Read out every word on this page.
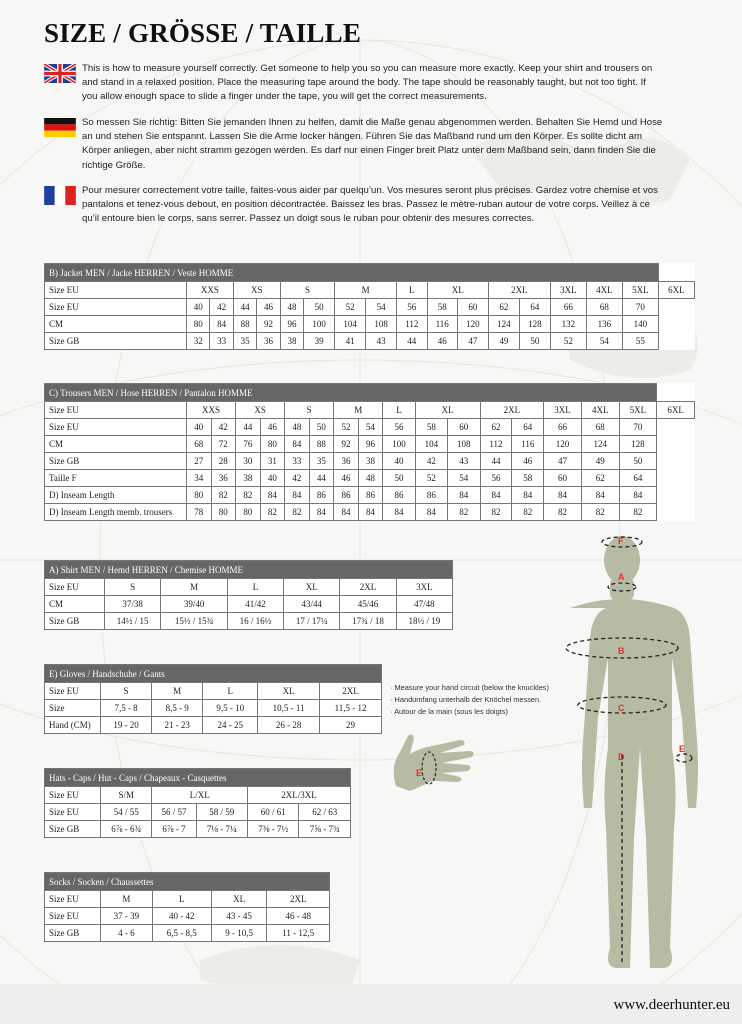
SIZE / GRÖSSE / TAILLE

This is how to measure yourself correctly. Get someone to help you so you can measure more exactly. Keep your shirt and trousers on and stand in a relaxed position. Place the measuring tape around the body. The tape should be reasonably taught, but not too tight. If you allow enough space to slide a finger under the tape, you will get the correct measurements.

So messen Sie richtig: Bitten Sie jemanden Ihnen zu helfen, damit die Maße genau abgenommen werden. Behalten Sie Hemd und Hose an und stehen Sie entspannt. Lassen Sie die Arme locker hängen. Führen Sie das Maßband rund um den Körper. Es sollte dicht am Körper anliegen, aber nicht stramm gezogen werden. Es darf nur einen Finger breit Platz unter dem Maßband sein, dann finden Sie die richtige Größe.

Pour mesurer correctement votre taille, faites-vous aider par quelqu’un. Vos mesures seront plus précises. Gardez votre chemise et vos pantalons et tenez-vous debout, en position décontractée. Baissez les bras. Passez le mètre-ruban autour de votre corps. Veillez à ce qu’il entoure bien le corps, sans serrer. Passez un doigt sous le ruban pour obtenir des mesures correctes.

B) Jacket MEN / Jacke HERREN / Veste HOMME																	
Size EU	XXS		XS		S		M		L	XL		2XL		3XL	4XL	5XL	6XL
Size EU	40	42	44	46	48	50	52	54	56	58	60	62	64	66	68	70	
CM	80	84	88	92	96	100	104	108	112	116	120	124	128	132	136	140	
Size GB	32	33	35	36	38	39	41	43	44	46	47	49	50	52	54	55	
C) Trousers MEN / Hose HERREN / Pantalon HOMME																	
Size EU	XXS		XS		S		M		L	XL		2XL		3XL	4XL	5XL	6XL
Size EU	40	42	44	46	48	50	52	54	56	58	60	62	64	66	68	70	
CM	68	72	76	80	84	88	92	96	100	104	108	112	116	120	124	128	
Size GB	27	28	30	31	33	35	36	38	40	42	43	44	46	47	49	50	
Taille F	34	36	38	40	42	44	46	48	50	52	54	56	58	60	62	64	
D) Inseam Length	80	82	82	84	84	86	86	86	86	86	84	84	84	84	84	84	
D) Inseam Length memb. trousers	78	80	80	82	82	84	84	84	84	84	82	82	82	82	82	82	
A) Shirt MEN / Hemd HERREN / Chemise HOMME						
Size EU	S	M	L	XL	2XL	3XL
CM	37/38	39/40	41/42	43/44	45/46	47/48
Size GB	14½ / 15	15½ / 15¾	16 / 16½	17 / 17¼	17¾ / 18	18½ / 19
E) Gloves / Handschuhe / Gants					
Size EU	S	M	L	XL	2XL
Size	7,5 - 8	8,5 - 9	9,5 - 10	10,5 - 11	11,5 - 12
Hand (CM)	19 - 20	21 - 23	24 - 25	26 - 28	29
· Measure your hand circuit (below the knuckles)
· Handumfang unterhalb der Knöchel messen.
· Autour de la main (sous les doigts)
E
Hats - Caps / Hut - Caps / Chapeaux - Casquettes					
Size EU	S/M	L/XL		2XL/3XL	
Size EU	54 / 55	56 / 57	58 / 59	60 / 61	62 / 63
Size GB	6⅞ - 6¾	6⅞ - 7	7⅛ - 7¼	7⅜ - 7½	7⅝ - 7¾
Socks / Socken / Chaussettes				
Size EU	M	L	XL	2XL
Size EU	37 - 39	40 - 42	43 - 45	46 - 48
Size GB	4 - 6	6,5 - 8,5	9 - 10,5	11 - 12,5
F
A
B
C
D
E
www.deerhunter.eu
